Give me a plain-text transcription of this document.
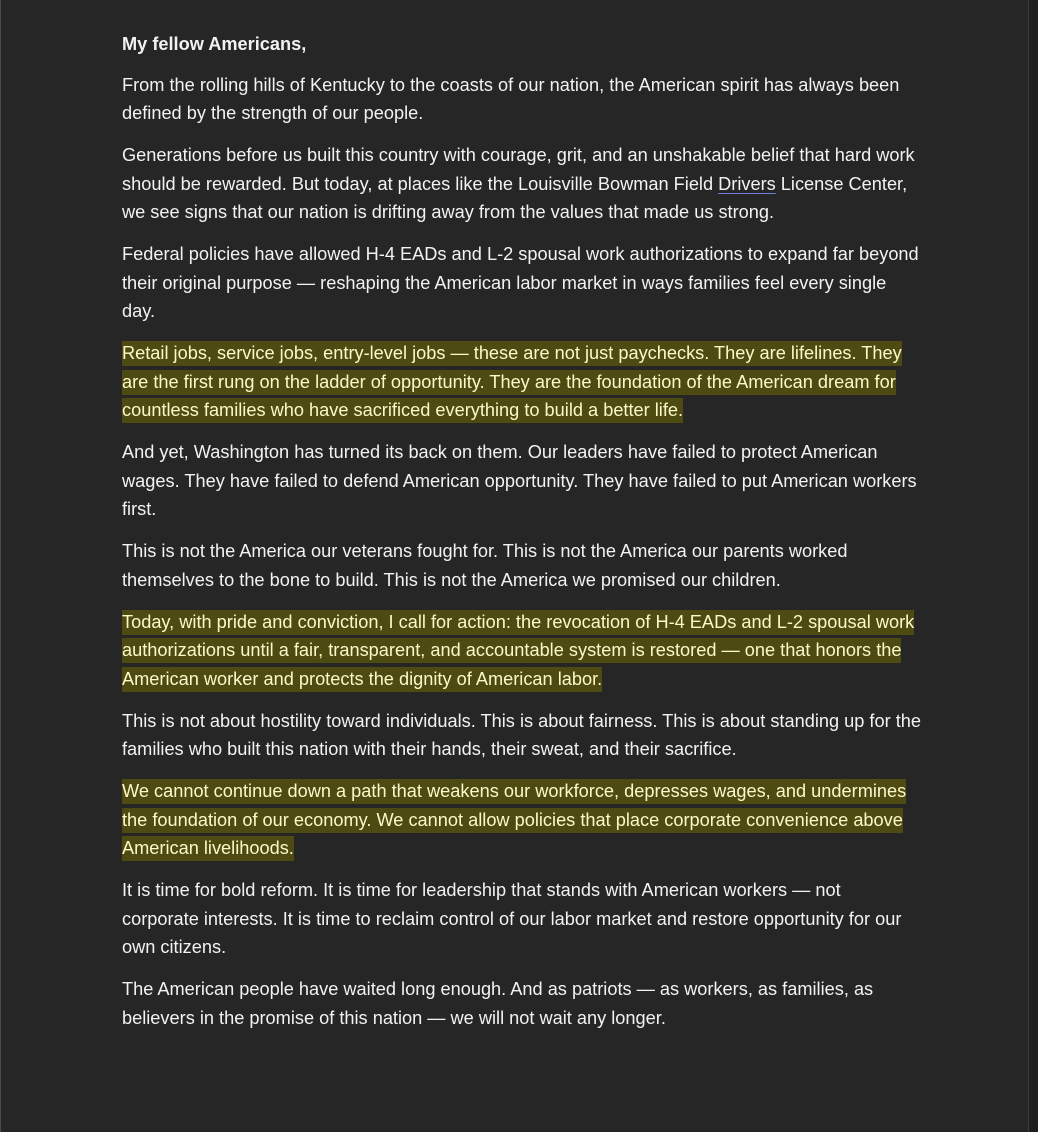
My fellow Americans,

From the rolling hills of Kentucky to the coasts of our nation, the American spirit has always been defined by the strength of our people.

Generations before us built this country with courage, grit, and an unshakable belief that hard work should be rewarded. But today, at places like the Louisville Bowman Field Drivers License Center, we see signs that our nation is drifting away from the values that made us strong.

Federal policies have allowed H-4 EADs and L-2 spousal work authorizations to expand far beyond their original purpose — reshaping the American labor market in ways families feel every single day.

Retail jobs, service jobs, entry-level jobs — these are not just paychecks. They are lifelines. They are the first rung on the ladder of opportunity. They are the foundation of the American dream for countless families who have sacrificed everything to build a better life.

And yet, Washington has turned its back on them. Our leaders have failed to protect American wages. They have failed to defend American opportunity. They have failed to put American workers first.

This is not the America our veterans fought for. This is not the America our parents worked themselves to the bone to build. This is not the America we promised our children.

Today, with pride and conviction, I call for action: the revocation of H-4 EADs and L-2 spousal work authorizations until a fair, transparent, and accountable system is restored — one that honors the American worker and protects the dignity of American labor.

This is not about hostility toward individuals. This is about fairness. This is about standing up for the families who built this nation with their hands, their sweat, and their sacrifice.

We cannot continue down a path that weakens our workforce, depresses wages, and undermines the foundation of our economy. We cannot allow policies that place corporate convenience above American livelihoods.

It is time for bold reform. It is time for leadership that stands with American workers — not corporate interests. It is time to reclaim control of our labor market and restore opportunity for our own citizens.

The American people have waited long enough. And as patriots — as workers, as families, as believers in the promise of this nation — we will not wait any longer.
